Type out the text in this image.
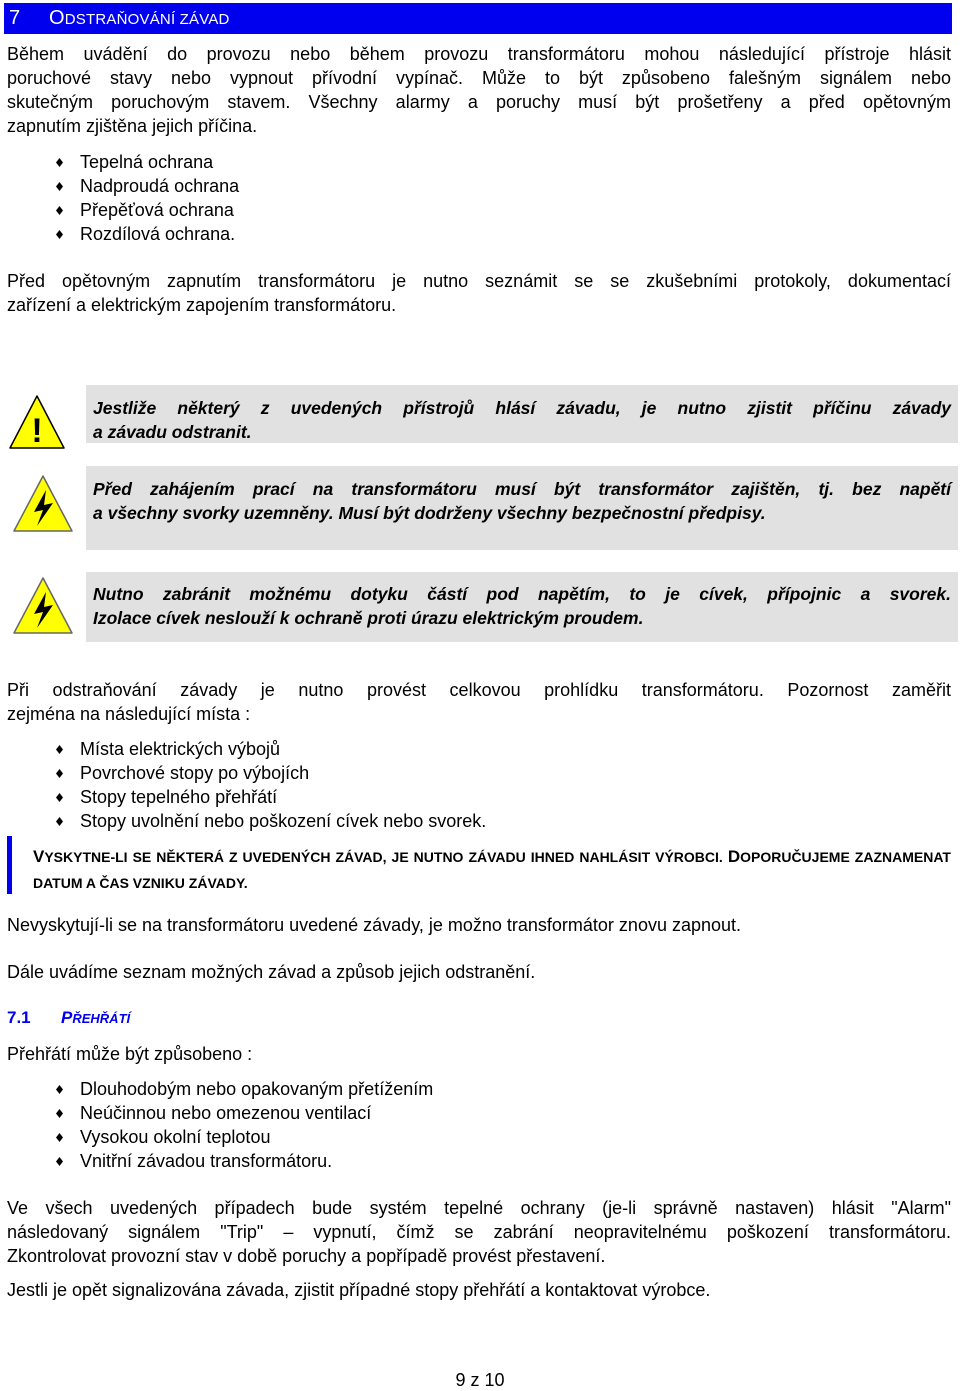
7	ODSTRAŇOVÁNÍ ZÁVAD
Během uvádění do provozu nebo během provozu transformátoru mohou následující přístroje hlásit
poruchové stavy nebo vypnout přívodní vypínač. Může to být způsobeno falešným signálem nebo
skutečným poruchovým stavem. Všechny alarmy a poruchy musí být prošetřeny a před opětovným
zapnutím zjištěna jejich příčina.
Tepelná ochrana
Nadproudá ochrana
Přepěťová ochrana
Rozdílová ochrana.
Před opětovným zapnutím transformátoru je nutno seznámit se se zkušebními protokoly, dokumentací
zařízení a elektrickým zapojením transformátoru.
!
Jestliže některý z uvedených přístrojů hlásí závadu, je nutno zjistit příčinu závady
a závadu odstranit.
Před zahájením prací na transformátoru musí být transformátor zajištěn, tj. bez napětí
a všechny svorky uzemněny. Musí být dodrženy všechny bezpečnostní předpisy.
Nutno zabránit možnému dotyku částí pod napětím, to je cívek, přípojnic a svorek.
Izolace cívek neslouží k ochraně proti úrazu elektrickým proudem.
Při odstraňování závady je nutno provést celkovou prohlídku transformátoru. Pozornost zaměřit
zejména na následující místa :
Místa elektrických výbojů
Povrchové stopy po výbojích
Stopy tepelného přehřátí
Stopy uvolnění nebo poškození cívek nebo svorek.
VYSKYTNE-LI SE NĚKTERÁ Z UVEDENÝCH ZÁVAD, JE NUTNO ZÁVADU IHNED NAHLÁSIT VÝROBCI. DOPORUČUJEME ZAZNAMENAT
DATUM A ČAS VZNIKU ZÁVADY.
Nevyskytují-li se na transformátoru uvedené závady, je možno transformátor znovu zapnout.
Dále uvádíme seznam možných závad a způsob jejich odstranění.
7.1	PŘEHŘÁTÍ
Přehřátí může být způsobeno :
Dlouhodobým nebo opakovaným přetížením
Neúčinnou nebo omezenou ventilací
Vysokou okolní teplotou
Vnitřní závadou transformátoru.
Ve všech uvedených případech bude systém tepelné ochrany (je-li správně nastaven) hlásit "Alarm"
následovaný signálem "Trip" – vypnutí, čímž se zabrání neopravitelnému poškození transformátoru.
Zkontrolovat provozní stav v době poruchy a popřípadě provést přestavení.
Jestli je opět signalizována závada, zjistit případné stopy přehřátí a kontaktovat výrobce.
9 z 10
